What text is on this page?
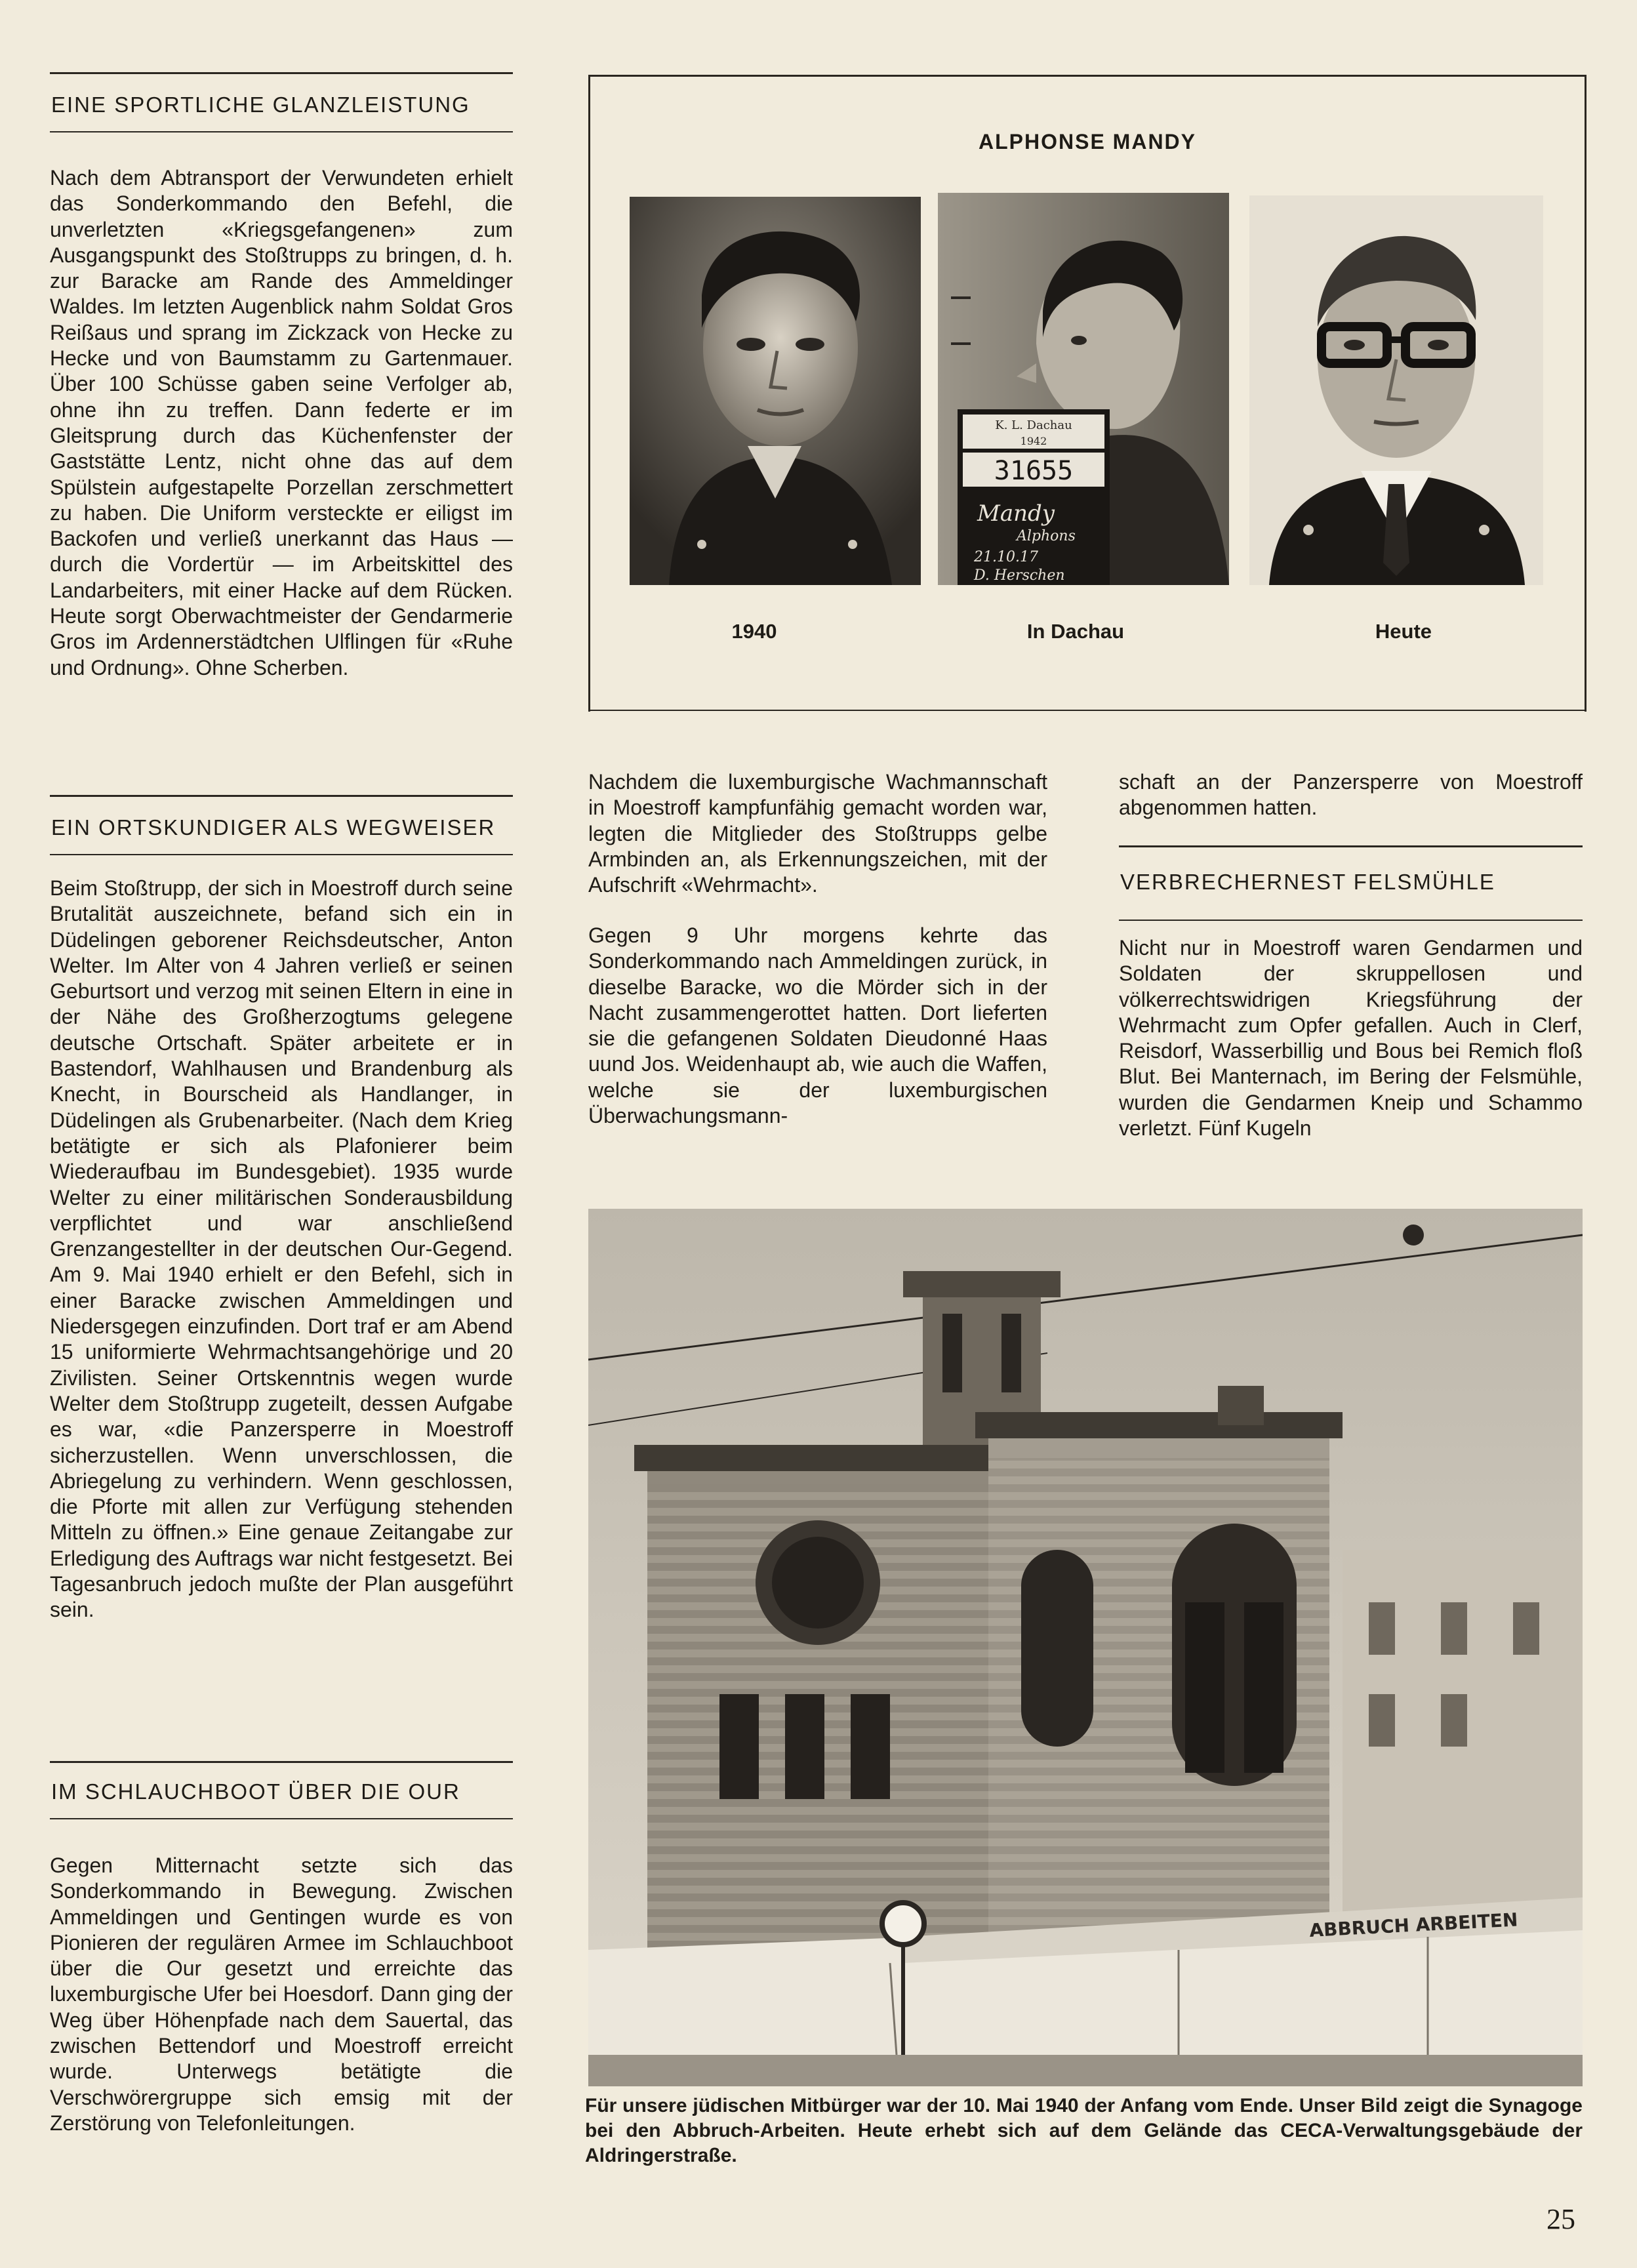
EINE SPORTLICHE GLANZLEISTUNG

Nach dem Abtransport der Verwundeten erhielt das Sonderkommando den Befehl, die unverletzten «Kriegsgefangenen» zum Ausgangspunkt des Stoßtrupps zu bringen, d. h. zur Baracke am Rande des Ammeldinger Waldes. Im letzten Augenblick nahm Soldat Gros Reißaus und sprang im Zickzack von Hecke zu Hecke und von Baumstamm zu Gartenmauer. Über 100 Schüsse gaben seine Verfolger ab, ohne ihn zu treffen. Dann federte er im Gleitsprung durch das Küchenfenster der Gaststätte Lentz, nicht ohne das auf dem Spülstein aufgestapelte Porzellan zerschmettert zu haben. Die Uniform versteckte er eiligst im Backofen und verließ unerkannt das Haus — durch die Vordertür — im Arbeitskittel des Landarbeiters, mit einer Hacke auf dem Rücken. Heute sorgt Oberwachtmeister der Gendarmerie Gros im Ardennerstädtchen Ulflingen für «Ruhe und Ordnung». Ohne Scherben.

EIN ORTSKUNDIGER ALS WEGWEISER

Beim Stoßtrupp, der sich in Moestroff durch seine Brutalität auszeichnete, befand sich ein in Düdelingen geborener Reichsdeutscher, Anton Welter. Im Alter von 4 Jahren verließ er seinen Geburtsort und verzog mit seinen Eltern in eine in der Nähe des Großherzogtums gelegene deutsche Ortschaft. Später arbeitete er in Bastendorf, Wahlhausen und Brandenburg als Knecht, in Bourscheid als Handlanger, in Düdelingen als Grubenarbeiter. (Nach dem Krieg betätigte er sich als Plafonierer beim Wiederaufbau im Bundesgebiet). 1935 wurde Welter zu einer militärischen Sonderausbildung verpflichtet und war anschließend Grenzangestellter in der deutschen Our-Gegend. Am 9. Mai 1940 erhielt er den Befehl, sich in einer Baracke zwischen Ammeldingen und Niedersgegen einzufinden. Dort traf er am Abend 15 uniformierte Wehrmachtsangehörige und 20 Zivilisten. Seiner Ortskenntnis wegen wurde Welter dem Stoßtrupp zugeteilt, dessen Aufgabe es war, «die Panzersperre in Moestroff sicherzustellen. Wenn unverschlossen, die Abriegelung zu verhindern. Wenn geschlossen, die Pforte mit allen zur Verfügung stehenden Mitteln zu öffnen.» Eine genaue Zeitangabe zur Erledigung des Auftrags war nicht festgesetzt. Bei Tagesanbruch jedoch mußte der Plan ausgeführt sein.

IM SCHLAUCHBOOT ÜBER DIE OUR

Gegen Mitternacht setzte sich das Sonderkommando in Bewegung. Zwischen Ammeldingen und Gentingen wurde es von Pionieren der regulären Armee im Schlauchboot über die Our gesetzt und erreichte das luxemburgische Ufer bei Hoesdorf. Dann ging der Weg über Höhenpfade nach dem Sauertal, das zwischen Bettendorf und Moestroff erreicht wurde. Unterwegs betätigte die Verschwörergruppe sich emsig mit der Zerstörung von Telefonleitungen.

ALPHONSE MANDY
K. L. Dachau
1942
31655
Mandy
Alphons
21.10.17
D. Herschen
1940	In Dachau	Heute

Nachdem die luxemburgische Wachmannschaft in Moestroff kampfunfähig gemacht worden war, legten die Mitglieder des Stoßtrupps gelbe Armbinden an, als Erkennungszeichen, mit der Aufschrift «Wehrmacht».

Gegen 9 Uhr morgens kehrte das Sonderkommando nach Ammeldingen zurück, in dieselbe Baracke, wo die Mörder sich in der Nacht zusammengerottet hatten. Dort lieferten sie die gefangenen Soldaten Dieudonné Haas uund Jos. Weidenhaupt ab, wie auch die Waffen, welche sie der luxemburgischen Überwachungsmann-

schaft an der Panzersperre von Moestroff abgenommen hatten.

VERBRECHERNEST FELSMÜHLE

Nicht nur in Moestroff waren Gendarmen und Soldaten der skruppellosen und völkerrechtswidrigen Kriegsführung der Wehrmacht zum Opfer gefallen. Auch in Clerf, Reisdorf, Wasserbillig und Bous bei Remich floß Blut. Bei Manternach, im Bering der Felsmühle, wurden die Gendarmen Kneip und Schammo verletzt. Fünf Kugeln

ABBRUCH ARBEITEN
Für unsere jüdischen Mitbürger war der 10. Mai 1940 der Anfang vom Ende. Unser Bild zeigt die Synagoge bei den Abbruch-Arbeiten. Heute erhebt sich auf dem Gelände das CECA-Verwaltungsgebäude der Aldringerstraße.
25
